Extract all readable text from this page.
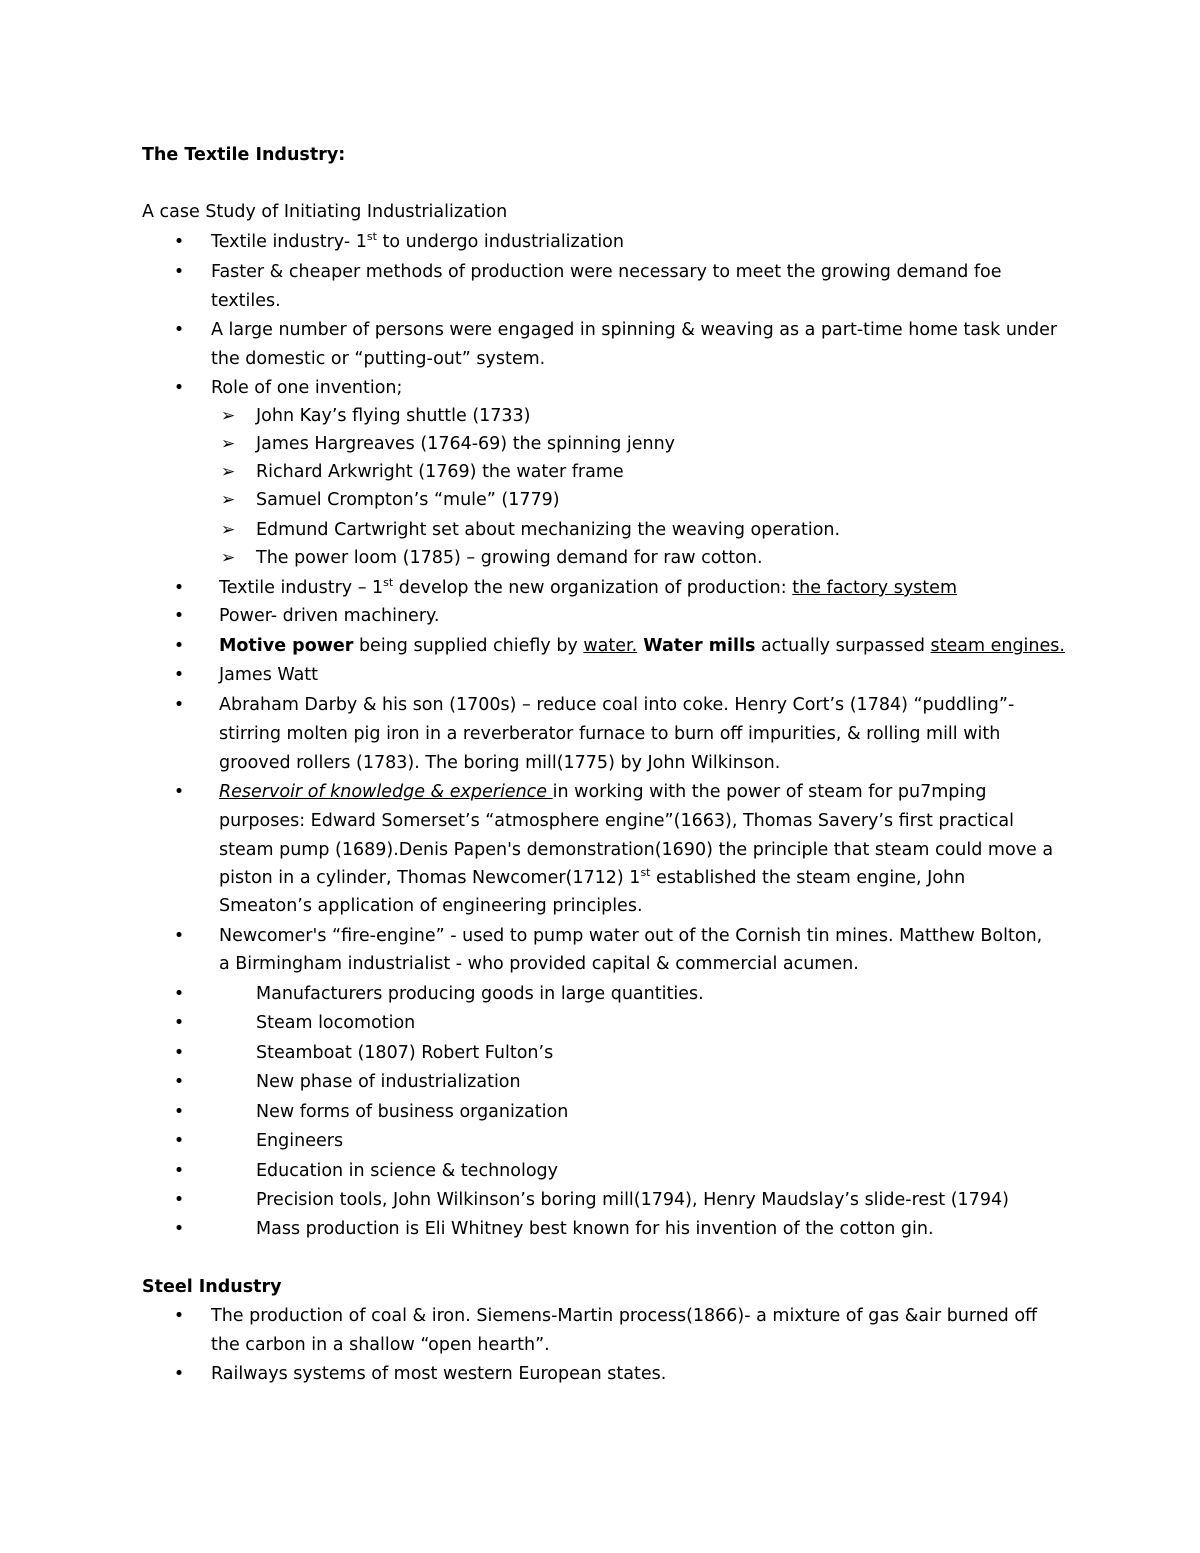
The Textile Industry:
A case Study of Initiating Industrialization
• Textile industry- 1st to undergo industrialization
• Faster & cheaper methods of production were necessary to meet the growing demand foe
textiles.
• A large number of persons were engaged in spinning & weaving as a part-time home task under
the domestic or “putting-out” system.
• Role of one invention;
➢ John Kay’s flying shuttle (1733)
➢ James Hargreaves (1764-69) the spinning jenny
➢ Richard Arkwright (1769) the water frame
➢ Samuel Crompton’s “mule” (1779)
➢ Edmund Cartwright set about mechanizing the weaving operation.
➢ The power loom (1785) – growing demand for raw cotton.
• Textile industry – 1st develop the new organization of production: the factory system
• Power- driven machinery.
• Motive power being supplied chiefly by water. Water mills actually surpassed steam engines.
• James Watt
• Abraham Darby & his son (1700s) – reduce coal into coke. Henry Cort’s (1784) “puddling”-
stirring molten pig iron in a reverberator furnace to burn off impurities, & rolling mill with
grooved rollers (1783). The boring mill(1775) by John Wilkinson.
• Reservoir of knowledge & experience in working with the power of steam for pu7mping
purposes: Edward Somerset’s “atmosphere engine”(1663), Thomas Savery’s first practical
steam pump (1689).Denis Papen's demonstration(1690) the principle that steam could move a
piston in a cylinder, Thomas Newcomer(1712) 1st established the steam engine, John
Smeaton’s application of engineering principles.
• Newcomer's “fire-engine” - used to pump water out of the Cornish tin mines. Matthew Bolton,
a Birmingham industrialist - who provided capital & commercial acumen.
•	Manufacturers producing goods in large quantities.
•	Steam locomotion
•	Steamboat (1807) Robert Fulton’s
•	New phase of industrialization
•	New forms of business organization
•	Engineers
•	Education in science & technology
•	Precision tools, John Wilkinson’s boring mill(1794), Henry Maudslay’s slide-rest (1794)
•	Mass production is Eli Whitney best known for his invention of the cotton gin.
Steel Industry
• The production of coal & iron. Siemens-Martin process(1866)- a mixture of gas &air burned off
the carbon in a shallow “open hearth”.
• Railways systems of most western European states.
